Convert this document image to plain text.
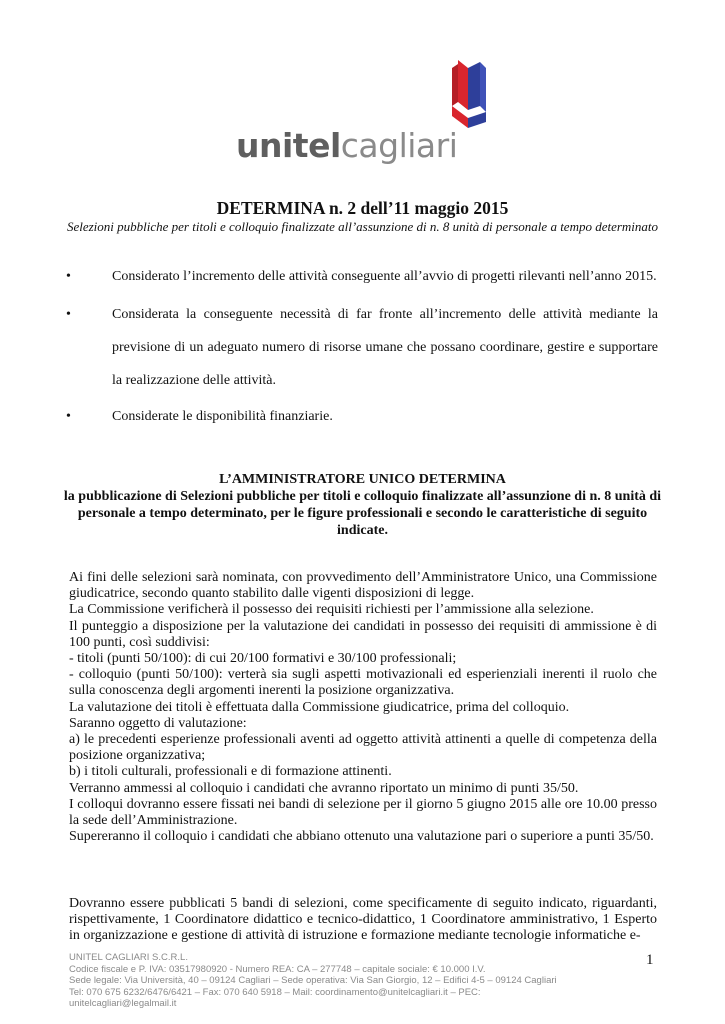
unitelcagliari
DETERMINA n. 2 dell’11 maggio 2015
Selezioni pubbliche per titoli e colloquio finalizzate all’assunzione di n. 8 unità di personale a tempo determinato
•	Considerato l’incremento delle attività conseguente all’avvio di progetti rilevanti nell’anno 2015.
•	Considerata la conseguente necessità di far fronte all’incremento delle attività mediante la previsione di un adeguato numero di risorse umane che possano coordinare, gestire e supportare la realizzazione delle attività.
•	Considerate le disponibilità finanziarie.
L’AMMINISTRATORE UNICO DETERMINA
la pubblicazione di Selezioni pubbliche per titoli e colloquio finalizzate all’assunzione di n. 8 unità di personale a tempo determinato, per le figure professionali e secondo le caratteristiche di seguito indicate.

Ai fini delle selezioni sarà nominata, con provvedimento dell’Amministratore Unico, una Commissione giudicatrice, secondo quanto stabilito dalle vigenti disposizioni di legge.

La Commissione verificherà il possesso dei requisiti richiesti per l’ammissione alla selezione.

Il punteggio a disposizione per la valutazione dei candidati in possesso dei requisiti di ammissione è di 100 punti, così suddivisi:

- titoli (punti 50/100): di cui 20/100 formativi e 30/100 professionali;

- colloquio (punti 50/100): verterà sia sugli aspetti motivazionali ed esperienziali inerenti il ruolo che sulla conoscenza degli argomenti inerenti la posizione organizzativa.

La valutazione dei titoli è effettuata dalla Commissione giudicatrice, prima del colloquio.

Saranno oggetto di valutazione:

a) le precedenti esperienze professionali aventi ad oggetto attività attinenti a quelle di competenza della posizione organizzativa;

b) i titoli culturali, professionali e di formazione attinenti.

Verranno ammessi al colloquio i candidati che avranno riportato un minimo di punti 35/50.

I colloqui dovranno essere fissati nei bandi di selezione per il giorno 5 giugno 2015 alle ore 10.00 presso la sede dell’Amministrazione.

Supereranno il colloquio i candidati che abbiano ottenuto una valutazione pari o superiore a punti 35/50.

Dovranno essere pubblicati 5 bandi di selezioni, come specificamente di seguito indicato, riguardanti, rispettivamente, 1 Coordinatore didattico e tecnico-didattico, 1 Coordinatore amministrativo, 1 Esperto in organizzazione e gestione di attività di istruzione e formazione mediante tecnologie informatiche e-
UNITEL CAGLIARI S.C.R.L.
Codice fiscale e P. IVA: 03517980920 - Numero REA: CA – 277748 – capitale sociale: € 10.000 I.V.
Sede legale: Via Università, 40 – 09124 Cagliari – Sede operativa: Via San Giorgio, 12 – Edifici 4-5 – 09124 Cagliari
Tel: 070 675 6232/6476/6421 – Fax: 070 640 5918 – Mail: coordinamento@unitelcagliari.it – PEC: unitelcagliari@legalmail.it
1
